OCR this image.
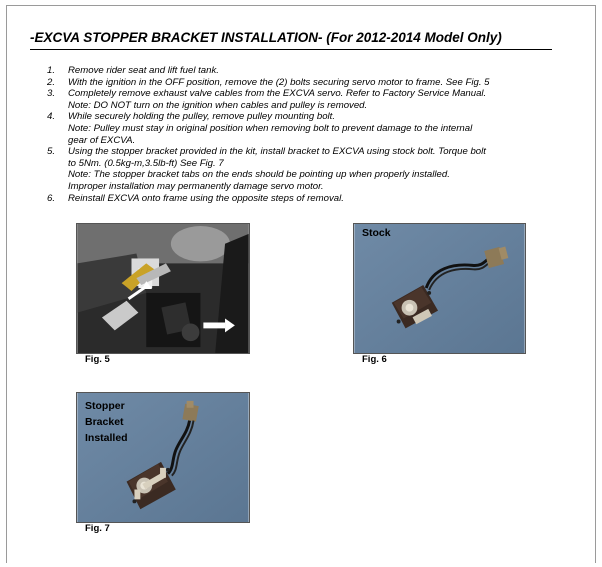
-EXCVA STOPPER BRACKET INSTALLATION- (For 2012-2014 Model Only)
1. Remove rider seat and lift fuel tank.
2. With the ignition in the OFF position, remove the (2) bolts securing servo motor to frame. See Fig. 5
3. Completely remove exhaust valve cables from the EXCVA servo. Refer to Factory Service Manual.
Note: DO NOT turn on the ignition when cables and pulley is removed.
4. While securely holding the pulley, remove pulley mounting bolt.
Note: Pulley must stay in original position when removing bolt to prevent damage to the internal
gear of EXCVA.
5. Using the stopper bracket provided in the kit, install bracket to EXCVA using stock bolt. Torque bolt
to 5Nm. (0.5kg-m,3.5lb-ft) See Fig. 7
Note: The stopper bracket tabs on the ends should be pointing up when properly installed.
Improper installation may permanently damage servo motor.
6. Reinstall EXCVA onto frame using the opposite steps of removal.
Fig. 5
Stock
Fig. 6
Stopper
Bracket
Installed
Fig. 7
